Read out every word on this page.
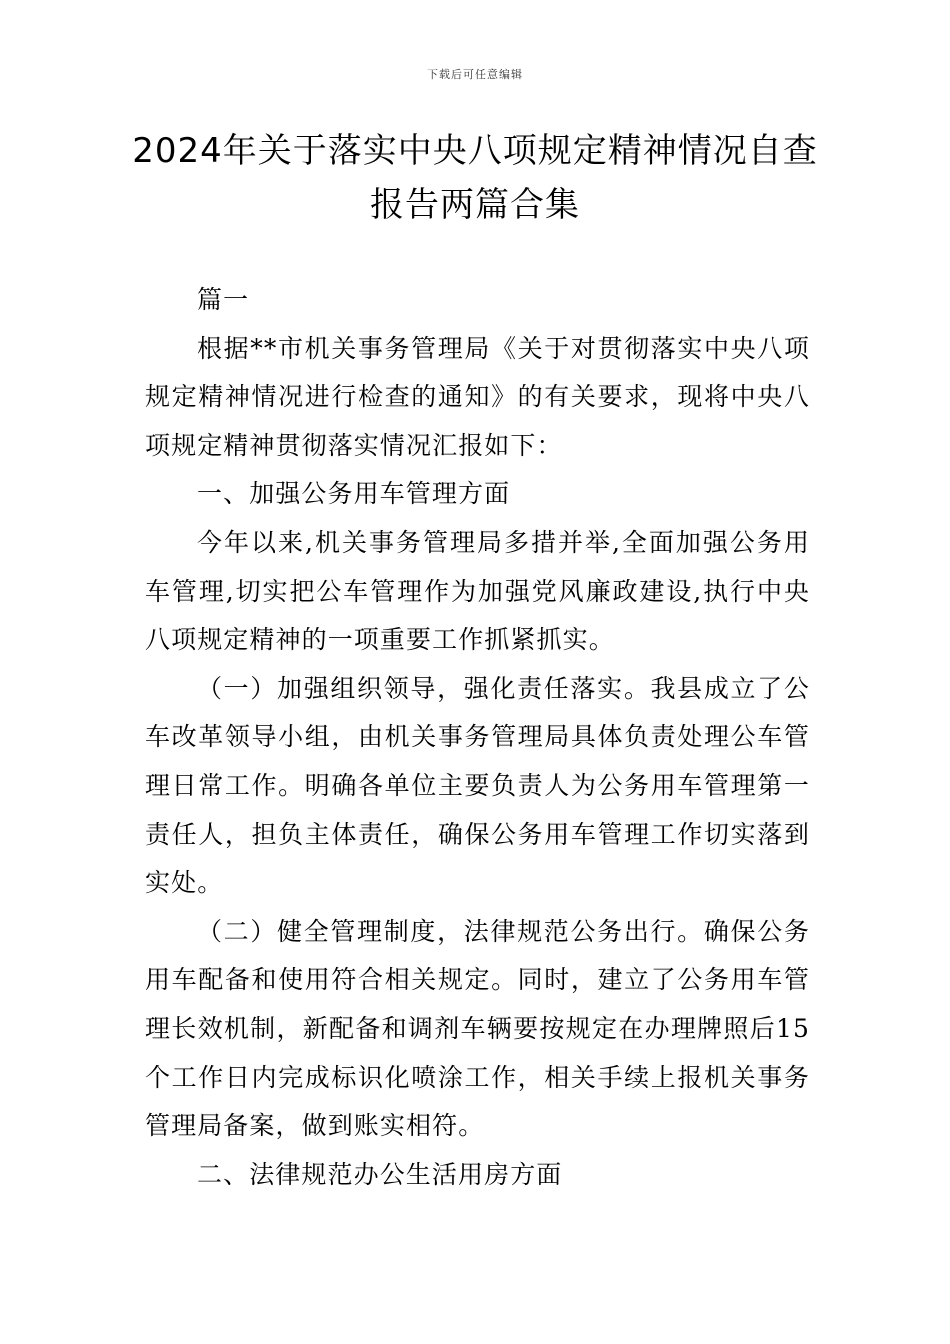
下载后可任意编辑
2024年关于落实中央八项规定精神情况自查报告两篇合集

篇一

根据**市机关事务管理局《关于对贯彻落实中央八项规定精神情况进行检查的通知》的有关要求，现将中央八项规定精神贯彻落实情况汇报如下：

一、加强公务用车管理方面

今年以来,机关事务管理局多措并举,全面加强公务用车管理,切实把公车管理作为加强党风廉政建设,执行中央八项规定精神的一项重要工作抓紧抓实。

（一）加强组织领导，强化责任落实。我县成立了公车改革领导小组，由机关事务管理局具体负责处理公车管理日常工作。明确各单位主要负责人为公务用车管理第一责任人，担负主体责任，确保公务用车管理工作切实落到实处。

（二）健全管理制度，法律规范公务出行。确保公务用车配备和使用符合相关规定。同时，建立了公务用车管理长效机制，新配备和调剂车辆要按规定在办理牌照后15个工作日内完成标识化喷涂工作，相关手续上报机关事务管理局备案，做到账实相符。

二、法律规范办公生活用房方面
